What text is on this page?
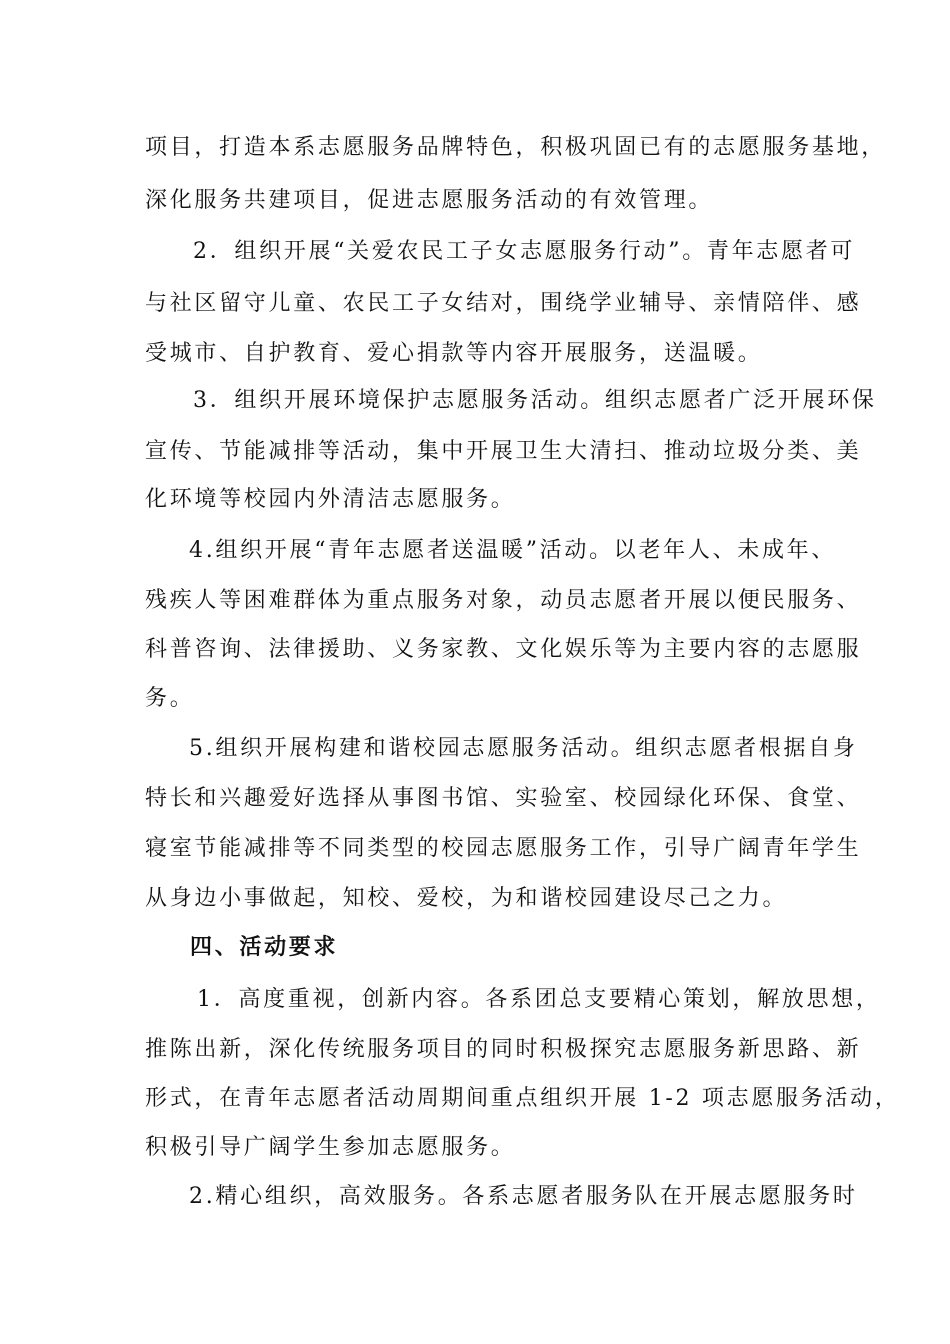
项目，打造本系志愿服务品牌特色，积极巩固已有的志愿服务基地，
深化服务共建项目，促进志愿服务活动的有效管理。
2．组织开展“关爱农民工子女志愿服务行动”。青年志愿者可
与社区留守儿童、农民工子女结对，围绕学业辅导、亲情陪伴、感
受城市、自护教育、爱心捐款等内容开展服务，送温暖。
3．组织开展环境保护志愿服务活动。组织志愿者广泛开展环保
宣传、节能减排等活动，集中开展卫生大清扫、推动垃圾分类、美
化环境等校园内外清洁志愿服务。
4.组织开展“青年志愿者送温暖”活动。以老年人、未成年、
残疾人等困难群体为重点服务对象，动员志愿者开展以便民服务、
科普咨询、法律援助、义务家教、文化娱乐等为主要内容的志愿服
务。
5.组织开展构建和谐校园志愿服务活动。组织志愿者根据自身
特长和兴趣爱好选择从事图书馆、实验室、校园绿化环保、食堂、
寝室节能减排等不同类型的校园志愿服务工作，引导广阔青年学生
从身边小事做起，知校、爱校，为和谐校园建设尽己之力。
四、活动要求
1．高度重视，创新内容。各系团总支要精心策划，解放思想，
推陈出新，深化传统服务项目的同时积极探究志愿服务新思路、新
形式，在青年志愿者活动周期间重点组织开展 1-2 项志愿服务活动，
积极引导广阔学生参加志愿服务。
2.精心组织，高效服务。各系志愿者服务队在开展志愿服务时
